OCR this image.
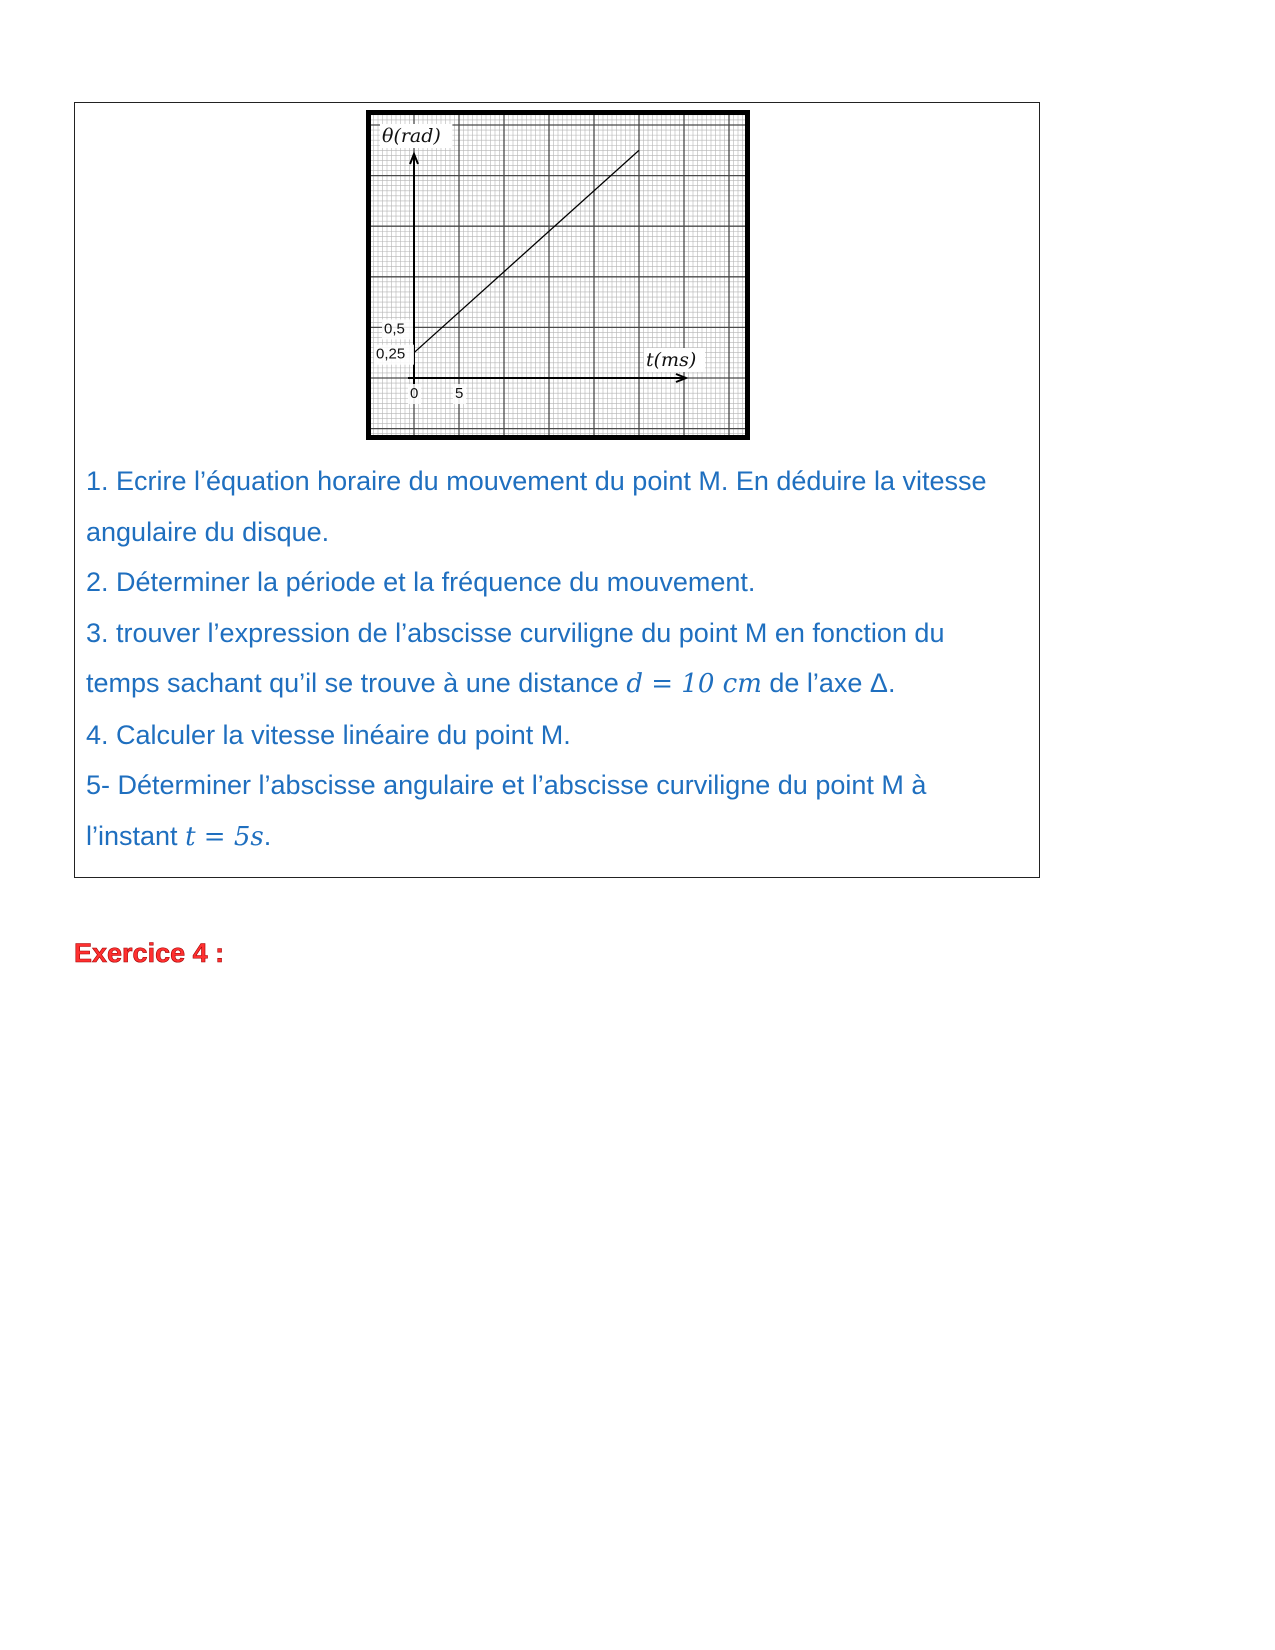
θ(rad)
t(ms)
0,25
0,5
0 5

1. Ecrire l’équation horaire du mouvement du point M. En déduire la vitesse angulaire du disque.

2. Déterminer la période et la fréquence du mouvement.

3. trouver l’expression de l’abscisse curviligne du point M en fonction du temps sachant qu’il se trouve à une distance d = 10 cm de l’axe Δ.

4. Calculer la vitesse linéaire du point M.

5- Déterminer l’abscisse angulaire et l’abscisse curviligne du point M à l’instant t = 5s.

Exercice 4 :
